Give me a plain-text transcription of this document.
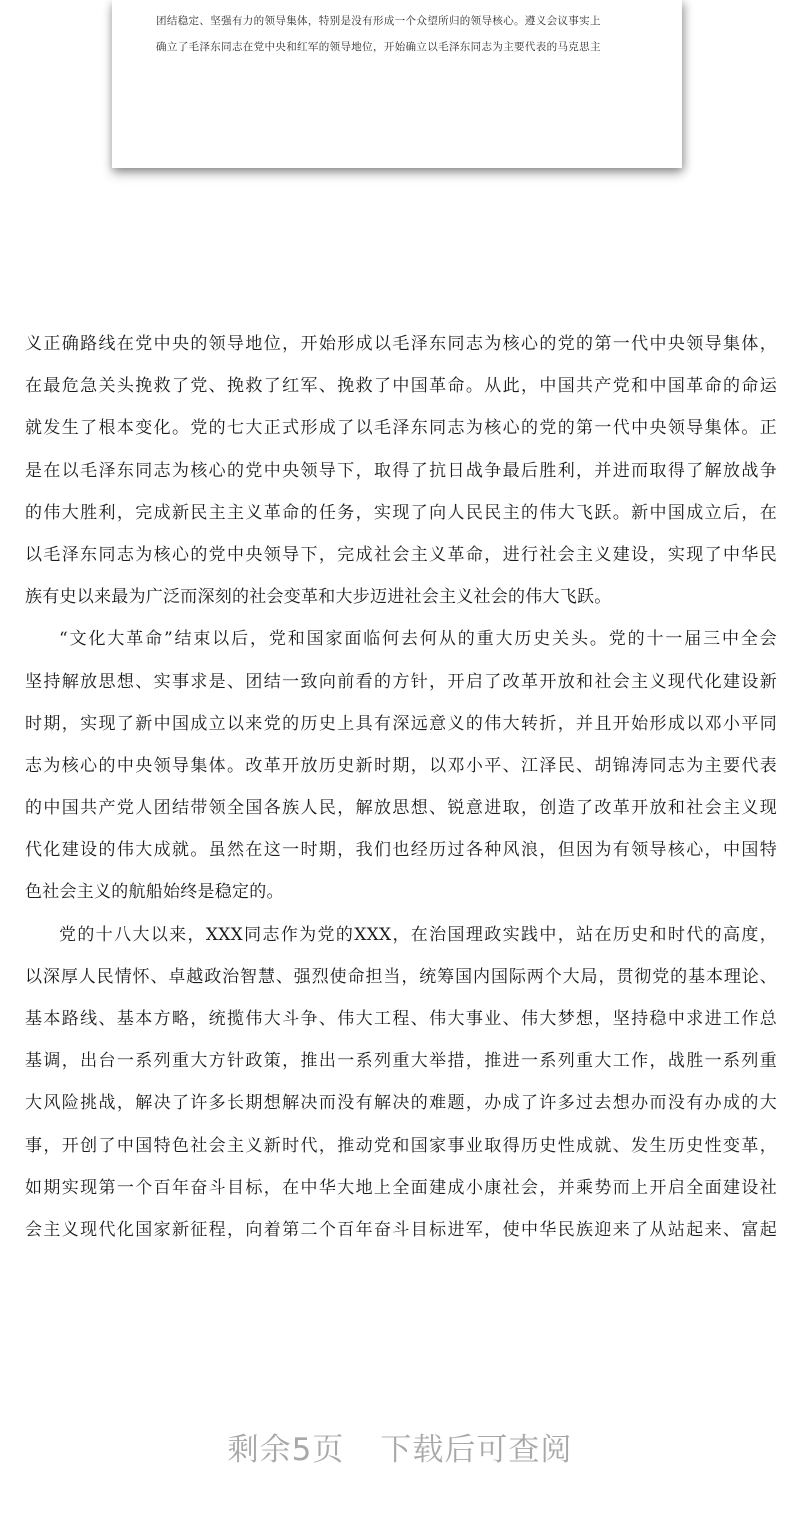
团结稳定、坚强有力的领导集体，特别是没有形成一个众望所归的领导核心。遵义会议事实上
确立了毛泽东同志在党中央和红军的领导地位，开始确立以毛泽东同志为主要代表的马克思主
义正确路线在党中央的领导地位，开始形成以毛泽东同志为核心的党的第一代中央领导集体，
在最危急关头挽救了党、挽救了红军、挽救了中国革命。从此，中国共产党和中国革命的命运
就发生了根本变化。党的七大正式形成了以毛泽东同志为核心的党的第一代中央领导集体。正
是在以毛泽东同志为核心的党中央领导下，取得了抗日战争最后胜利，并进而取得了解放战争
的伟大胜利，完成新民主主义革命的任务，实现了向人民民主的伟大飞跃。新中国成立后，在
以毛泽东同志为核心的党中央领导下，完成社会主义革命，进行社会主义建设，实现了中华民
族有史以来最为广泛而深刻的社会变革和大步迈进社会主义社会的伟大飞跃。
“文化大革命”结束以后，党和国家面临何去何从的重大历史关头。党的十一届三中全会
坚持解放思想、实事求是、团结一致向前看的方针，开启了改革开放和社会主义现代化建设新
时期，实现了新中国成立以来党的历史上具有深远意义的伟大转折，并且开始形成以邓小平同
志为核心的中央领导集体。改革开放历史新时期，以邓小平、江泽民、胡锦涛同志为主要代表
的中国共产党人团结带领全国各族人民，解放思想、锐意进取，创造了改革开放和社会主义现
代化建设的伟大成就。虽然在这一时期，我们也经历过各种风浪，但因为有领导核心，中国特
色社会主义的航船始终是稳定的。
党的十八大以来，XXX同志作为党的XXX，在治国理政实践中，站在历史和时代的高度，
以深厚人民情怀、卓越政治智慧、强烈使命担当，统筹国内国际两个大局，贯彻党的基本理论、
基本路线、基本方略，统揽伟大斗争、伟大工程、伟大事业、伟大梦想，坚持稳中求进工作总
基调，出台一系列重大方针政策，推出一系列重大举措，推进一系列重大工作，战胜一系列重
大风险挑战，解决了许多长期想解决而没有解决的难题，办成了许多过去想办而没有办成的大
事，开创了中国特色社会主义新时代，推动党和国家事业取得历史性成就、发生历史性变革，
如期实现第一个百年奋斗目标，在中华大地上全面建成小康社会，并乘势而上开启全面建设社
会主义现代化国家新征程，向着第二个百年奋斗目标进军，使中华民族迎来了从站起来、富起
剩余5页 下载后可查阅
